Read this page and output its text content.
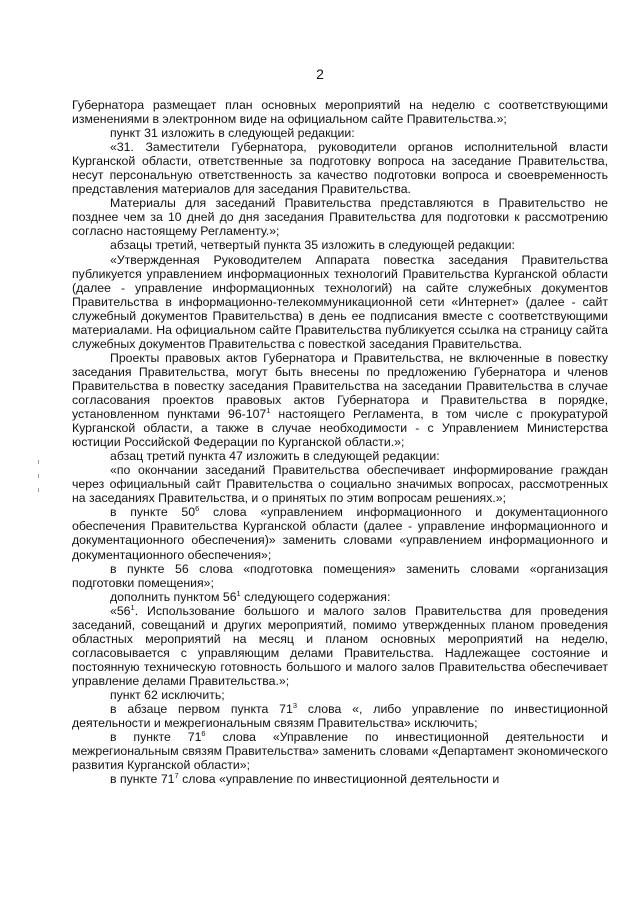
2

Губернатора размещает план основных мероприятий на неделю с соответствующими изменениями в электронном виде на официальном сайте Правительства.»;

пункт 31 изложить в следующей редакции:

«31. Заместители Губернатора, руководители органов исполнительной власти Курганской области, ответственные за подготовку вопроса на заседание Правительства, несут персональную ответственность за качество подготовки вопроса и своевременность представления материалов для заседания Правительства.

Материалы для заседаний Правительства представляются в Правительство не позднее чем за 10 дней до дня заседания Правительства для подготовки к рассмотрению согласно настоящему Регламенту.»;

абзацы третий, четвертый пункта 35 изложить в следующей редакции:

«Утвержденная Руководителем Аппарата повестка заседания Правительства публикуется управлением информационных технологий Правительства Курганской области (далее - управление информационных технологий) на сайте служебных документов Правительства в информационно-телекоммуникационной сети «Интернет» (далее - сайт служебный документов Правительства) в день ее подписания вместе с соответствующими материалами. На официальном сайте Правительства публикуется ссылка на страницу сайта служебных документов Правительства с повесткой заседания Правительства.

Проекты правовых актов Губернатора и Правительства, не включенные в повестку заседания Правительства, могут быть внесены по предложению Губернатора и членов Правительства в повестку заседания Правительства на заседании Правительства в случае согласования проектов правовых актов Губернатора и Правительства в порядке, установленном пунктами $96-107^1$ настоящего Регламента, в том числе с прокуратурой Курганской области, а также в случае необходимости - с Управлением Министерства юстиции Российской Федерации по Курганской области.»;

абзац третий пункта 47 изложить в следующей редакции:

«по окончании заседаний Правительства обеспечивает информирование граждан через официальный сайт Правительства о социально значимых вопросах, рассмотренных на заседаниях Правительства, и о принятых по этим вопросам решениях.»;

в пункте $50^6$ слова «управлением информационного и документационного обеспечения Правительства Курганской области (далее - управление информационного и документационного обеспечения)» заменить словами «управлением информационного и документационного обеспечения»;

в пункте 56 слова «подготовка помещения» заменить словами «организация подготовки помещения»;

дополнить пунктом $56^1$ следующего содержания:

«$56^1$. Использование большого и малого залов Правительства для проведения заседаний, совещаний и других мероприятий, помимо утвержденных планом проведения областных мероприятий на месяц и планом основных мероприятий на неделю, согласовывается с управляющим делами Правительства. Надлежащее состояние и постоянную техническую готовность большого и малого залов Правительства обеспечивает управление делами Правительства.»;

пункт 62 исключить;

в абзаце первом пункта $71^3$ слова «, либо управление по инвестиционной деятельности и межрегиональным связям Правительства» исключить;

в пункте $71^6$ слова «Управление по инвестиционной деятельности и межрегиональным связям Правительства» заменить словами «Департамент экономического развития Курганской области»;

в пункте $71^7$ слова «управление по инвестиционной деятельности и
